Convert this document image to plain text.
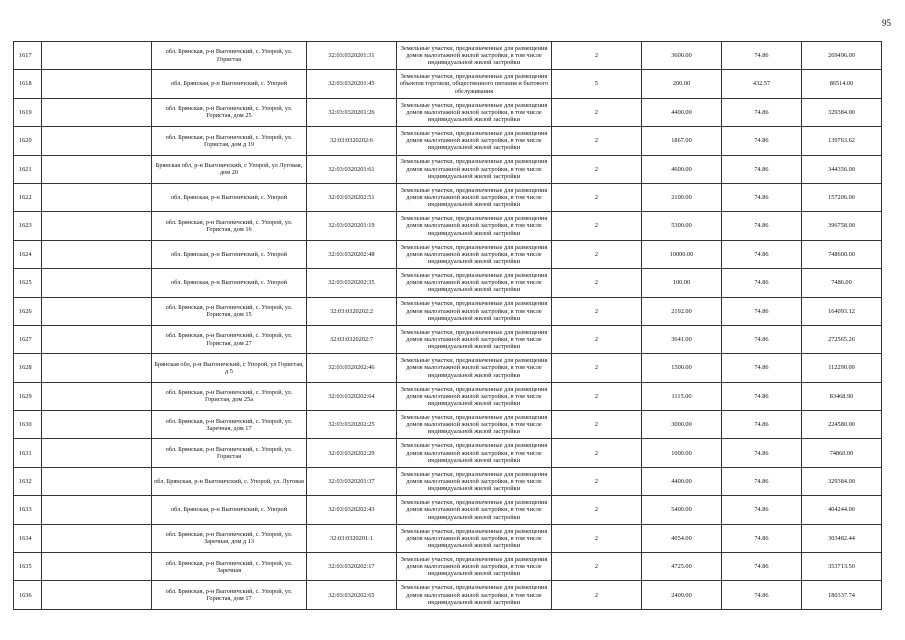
95
1617		обл. Брянская, р-н Выгоничский, с. Упорой, ул. Гористая	32:03:0320201:31	Земельные участки, предназначенные для размещения домов малоэтажной жилой застройки, в том числе индивидуальной жилой застройки	2	3600.00	74.86	269496.00
1618		обл. Брянская, р-н Выгоничский, с. Упорой	32:03:0320201:45	Земельные участки, предназначенные для размещения объектов торговли, общественного питания и бытового обслуживания	5	200.00	432.57	86514.00
1619		обл. Брянская, р-н Выгоничский, с. Упорой, ул. Гористая, дом 25	32:03:0320201:26	Земельные участки, предназначенные для размещения домов малоэтажной жилой застройки, в том числе индивидуальной жилой застройки	2	4400.00	74.86	329384.00
1620		обл. Брянская, р-н Выгоничский, с. Упорой, ул. Гористая, дом д 19	32:03:0320202:6	Земельные участки, предназначенные для размещения домов малоэтажной жилой застройки, в том числе индивидуальной жилой застройки	2	1867.00	74.86	139763.62
1621		Брянская обл, р-н Выгоничский, с Упорой, ул Луговая, дом 20	32:03:0320201:61	Земельные участки, предназначенные для размещения домов малоэтажной жилой застройки, в том числе индивидуальной жилой застройки	2	4600.00	74.86	344356.00
1622		обл. Брянская, р-н Выгоничский, с. Упорой	32:03:0320202:51	Земельные участки, предназначенные для размещения домов малоэтажной жилой застройки, в том числе индивидуальной жилой застройки	2	2100.00	74.86	157206.00
1623		обл. Брянская, р-н Выгоничский, с. Упорой, ул. Гористая, дом 16	32:03:0320201:19	Земельные участки, предназначенные для размещения домов малоэтажной жилой застройки, в том числе индивидуальной жилой застройки	2	5300.00	74.86	396758.00
1624		обл. Брянская, р-н Выгоничский, с. Упорой	32:03:0320202:48	Земельные участки, предназначенные для размещения домов малоэтажной жилой застройки, в том числе индивидуальной жилой застройки	2	10000.00	74.86	748600.00
1625		обл. Брянская, р-н Выгоничский, с. Упорой	32:03:0320202:35	Земельные участки, предназначенные для размещения домов малоэтажной жилой застройки, в том числе индивидуальной жилой застройки	2	100.00	74.86	7486.00
1626		обл. Брянская, р-н Выгоничский, с. Упорой, ул. Гористая, дом 15	32:03:0320202:2	Земельные участки, предназначенные для размещения домов малоэтажной жилой застройки, в том числе индивидуальной жилой застройки	2	2192.00	74.86	164093.12
1627		обл. Брянская, р-н Выгоничский, с. Упорой, ул. Гористая, дом 27	32:03:0320202:7	Земельные участки, предназначенные для размещения домов малоэтажной жилой застройки, в том числе индивидуальной жилой застройки	2	3641.00	74.86	272565.26
1628		Брянская обл, р-н Выгоничский, с Упорой, ул Гористая, д 5	32:03:0320202:46	Земельные участки, предназначенные для размещения домов малоэтажной жилой застройки, в том числе индивидуальной жилой застройки	2	1500.00	74.86	112290.00
1629		обл. Брянская, р-н Выгоничский, с. Упорой, ул. Гористая, дом 25а	32:03:0320202:64	Земельные участки, предназначенные для размещения домов малоэтажной жилой застройки, в том числе индивидуальной жилой застройки	2	1115.00	74.86	83468.90
1630		обл. Брянская, р-н Выгоничский, с. Упорой, ул. Заречная, дом 17	32:03:0320202:25	Земельные участки, предназначенные для размещения домов малоэтажной жилой застройки, в том числе индивидуальной жилой застройки	2	3000.00	74.86	224580.00
1631		обл. Брянская, р-н Выгоничский, с. Упорой, ул. Гористая	32:03:0320202:29	Земельные участки, предназначенные для размещения домов малоэтажной жилой застройки, в том числе индивидуальной жилой застройки	2	1000.00	74.86	74860.00
1632		обл. Брянская, р-н Выгоничский, с. Упорой, ул. Луговая	32:03:0320201:37	Земельные участки, предназначенные для размещения домов малоэтажной жилой застройки, в том числе индивидуальной жилой застройки	2	4400.00	74.86	329384.00
1633		обл. Брянская, р-н Выгоничский, с. Упорой	32:03:0320202:43	Земельные участки, предназначенные для размещения домов малоэтажной жилой застройки, в том числе индивидуальной жилой застройки	2	5400.00	74.86	404244.00
1634		обл. Брянская, р-н Выгоничский, с. Упорой, ул. Заречная, дом д 13	32:03:0320201:1	Земельные участки, предназначенные для размещения домов малоэтажной жилой застройки, в том числе индивидуальной жилой застройки	2	4054.00	74.86	303482.44
1635		обл. Брянская, р-н Выгоничский, с. Упорой, ул. Заречная	32:03:0320202:17	Земельные участки, предназначенные для размещения домов малоэтажной жилой застройки, в том числе индивидуальной жилой застройки	2	4725.00	74.86	353713.50
1636		обл. Брянская, р-н Выгоничский, с. Упорой, ул. Гористая, дом 17	32:03:0320202:65	Земельные участки, предназначенные для размещения домов малоэтажной жилой застройки, в том числе индивидуальной жилой застройки	2	2409.00	74.86	180337.74
